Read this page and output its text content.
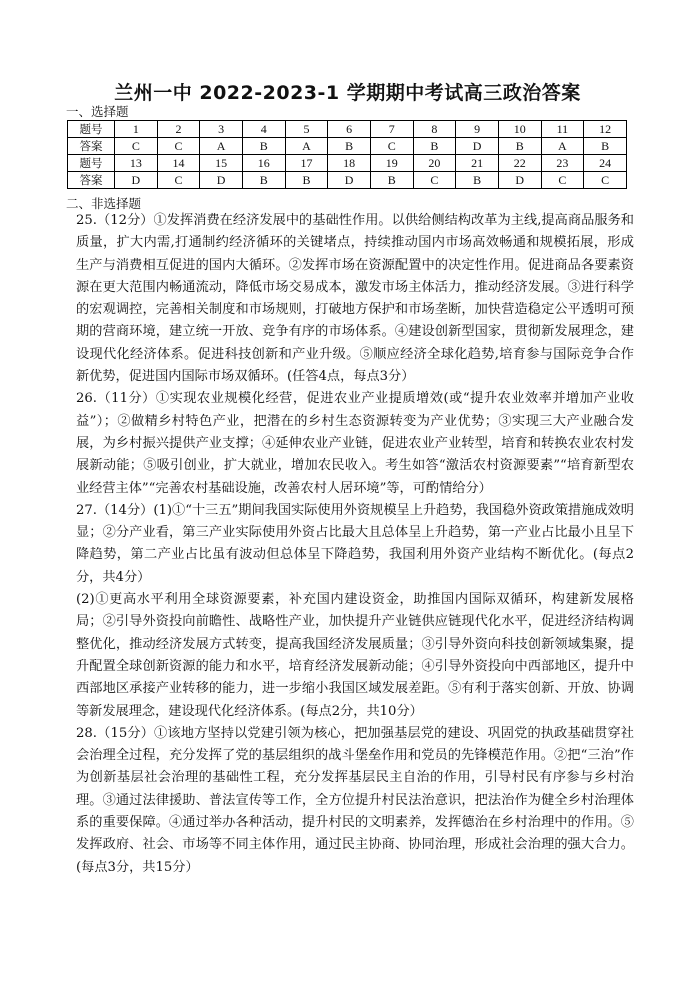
兰州一中 2022-2023-1 学期期中考试高三政治答案
一、选择题
题号	1	2	3	4	5	6	7	8	9	10	11	12
答案	C	C	A	B	A	B	C	B	D	B	A	B
题号	13	14	15	16	17	18	19	20	21	22	23	24
答案	D	C	D	B	B	D	B	C	B	D	C	C
二、非选择题

25.（12分）①发挥消费在经济发展中的基础性作用。以供给侧结构改革为主线,提高商品服务和质量，扩大内需,打通制约经济循环的关键堵点，持续推动国内市场高效畅通和规模拓展，形成生产与消费相互促进的国内大循环。②发挥市场在资源配置中的决定性作用。促进商品各要素资源在更大范围内畅通流动，降低市场交易成本，激发市场主体活力，推动经济发展。③进行科学的宏观调控，完善相关制度和市场规则，打破地方保护和市场垄断，加快营造稳定公平透明可预期的营商环境，建立统一开放、竞争有序的市场体系。④建设创新型国家，贯彻新发展理念，建设现代化经济体系。促进科技创新和产业升级。⑤顺应经济全球化趋势,培育参与国际竞争合作新优势，促进国内国际市场双循环。(任答4点，每点3分）

26.（11分）①实现农业规模化经营，促进农业产业提质增效(或“提升农业效率并增加产业收益”）；②做精乡村特色产业，把潜在的乡村生态资源转变为产业优势；③实现三大产业融合发展，为乡村振兴提供产业支撑；④延伸农业产业链，促进农业产业转型，培育和转换农业农村发展新动能；⑤吸引创业，扩大就业，增加农民收入。考生如答“激活农村资源要素”“培育新型农业经营主体”“完善农村基础设施，改善农村人居环境”等，可酌情给分）

27.（14分）(1)①“十三五”期间我国实际使用外资规模呈上升趋势，我国稳外资政策措施成效明显；②分产业看，第三产业实际使用外资占比最大且总体呈上升趋势，第一产业占比最小且呈下降趋势，第二产业占比虽有波动但总体呈下降趋势，我国利用外资产业结构不断优化。(每点2分，共4分）

(2)①更高水平利用全球资源要素，补充国内建设资金，助推国内国际双循环，构建新发展格局；②引导外资投向前瞻性、战略性产业，加快提升产业链供应链现代化水平，促进经济结构调整优化，推动经济发展方式转变，提高我国经济发展质量；③引导外资向科技创新领域集聚，提升配置全球创新资源的能力和水平，培育经济发展新动能；④引导外资投向中西部地区，提升中西部地区承接产业转移的能力，进一步缩小我国区域发展差距。⑤有利于落实创新、开放、协调等新发展理念，建设现代化经济体系。(每点2分，共10分）

28.（15分）①该地方坚持以党建引领为核心，把加强基层党的建设、巩固党的执政基础贯穿社会治理全过程，充分发挥了党的基层组织的战斗堡垒作用和党员的先锋模范作用。②把“三治”作为创新基层社会治理的基础性工程，充分发挥基层民主自治的作用，引导村民有序参与乡村治理。③通过法律援助、普法宣传等工作，全方位提升村民法治意识，把法治作为健全乡村治理体系的重要保障。④通过举办各种活动，提升村民的文明素养，发挥德治在乡村治理中的作用。⑤发挥政府、社会、市场等不同主体作用，通过民主协商、协同治理，形成社会治理的强大合力。(每点3分，共15分）
